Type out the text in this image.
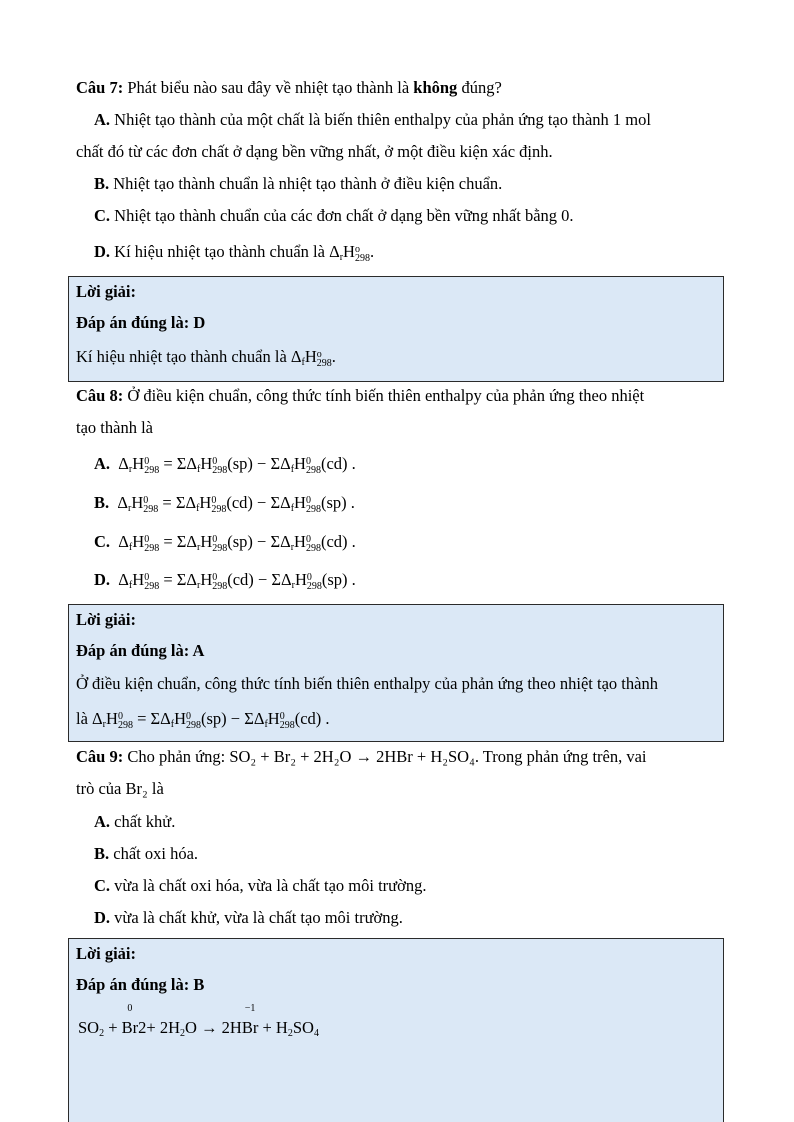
Câu 7: Phát biểu nào sau đây về nhiệt tạo thành là không đúng?
A. Nhiệt tạo thành của một chất là biến thiên enthalpy của phản ứng tạo thành 1 mol
chất đó từ các đơn chất ở dạng bền vững nhất, ở một điều kiện xác định.
B. Nhiệt tạo thành chuẩn là nhiệt tạo thành ở điều kiện chuẩn.
C. Nhiệt tạo thành chuẩn của các đơn chất ở dạng bền vững nhất bằng 0.
D. Kí hiệu nhiệt tạo thành chuẩn là $\Delta_rH$ o
298 .
Lời giải:
Đáp án đúng là: D
Kí hiệu nhiệt tạo thành chuẩn là $\Delta_fH$ o
298 .
Câu 8: Ở điều kiện chuẩn, công thức tính biến thiên enthalpy của phản ứng theo nhiệt
tạo thành là
A. $\Delta_rH$ 0
$298 = \Sigma\Delta_fH$ 0
298 $(sp) - \Sigma\Delta_fH$ 0
298 (cd) .
B. $\Delta_rH$ 0
$298 = \Sigma\Delta_fH$ 0
298 $(cd) - \Sigma\Delta_fH$ 0
298 (sp) .
C. $\Delta_fH$ 0
$298 = \Sigma\Delta_rH$ 0
298 $(sp) - \Sigma\Delta_rH$ 0
298 (cd) .
D. $\Delta_fH$ 0
$298 = \Sigma\Delta_rH$ 0
298 $(cd) - \Sigma\Delta_rH$ 0
298 (sp) .
Lời giải:
Đáp án đúng là: A
Ở điều kiện chuẩn, công thức tính biến thiên enthalpy của phản ứng theo nhiệt tạo thành
là $\Delta_rH$ 0
$298 = \Sigma\Delta_fH$ 0
298 $(sp) - \Sigma\Delta_fH$ 0
298 (cd) .
Câu 9: Cho phản ứng: SO₂ + Br₂ + 2H₂O → 2HBr + H₂SO₄. Trong phản ứng trên, vai
trò của Br₂ là
A. chất khử.
B. chất oxi hóa.
C. vừa là chất oxi hóa, vừa là chất tạo môi trường.
D. vừa là chất khử, vừa là chất tạo môi trường.
Lời giải:
Đáp án đúng là: B
$SO_2$ +
0
$Br2+ 2H_2O \to 2H$
−1
$Br + H_2SO_4$
